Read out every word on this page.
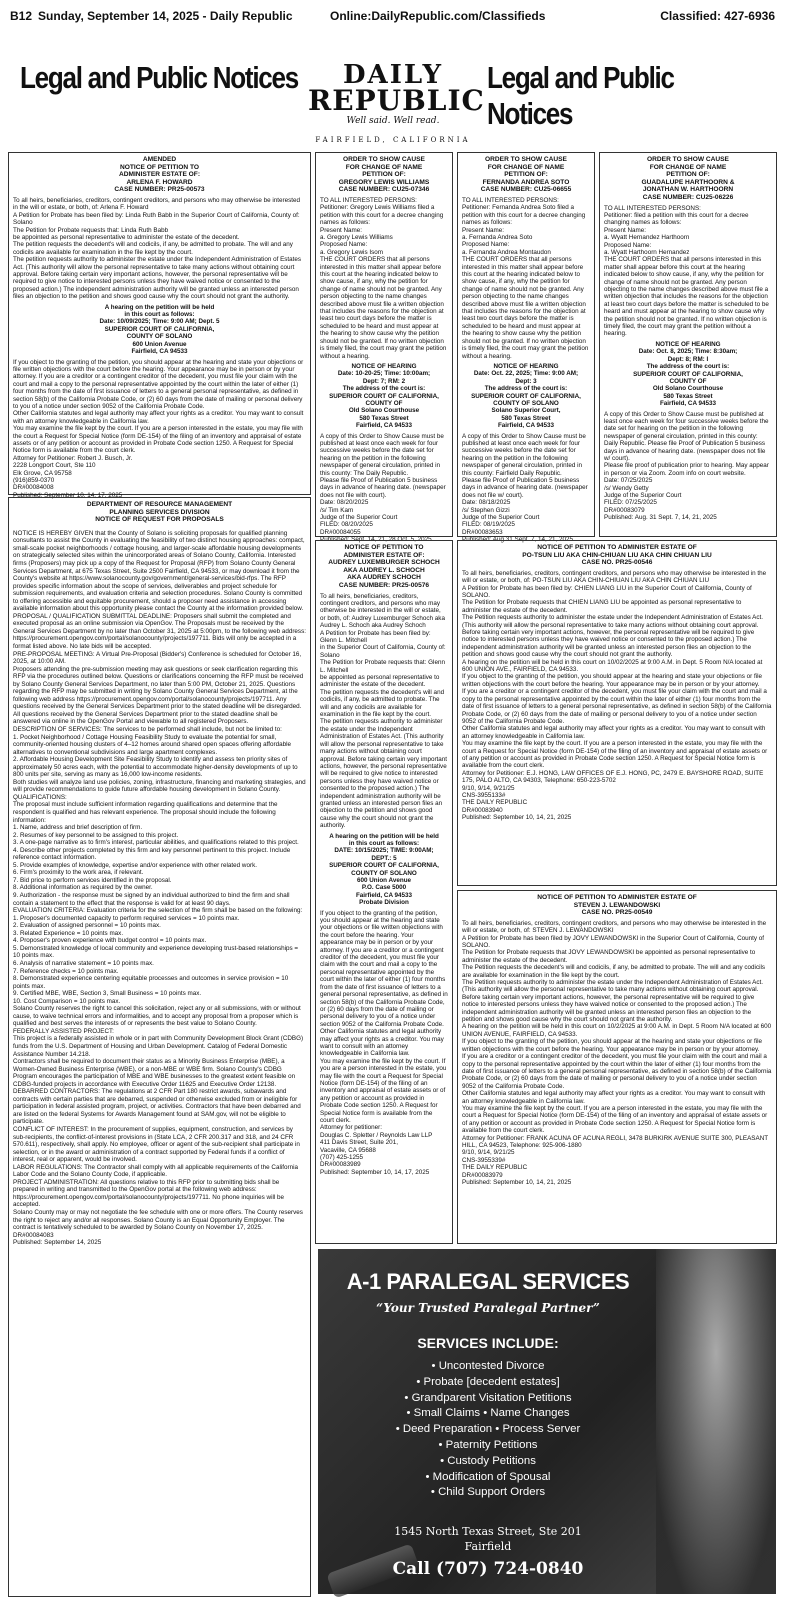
B12 Sunday, September 14, 2025 - Daily Republic	Online:DailyRepublic.com/Classifieds	Classified: 427-6936
Legal and Public Notices	Legal and Public Notices
DAILY
REPUBLIC
Well said. Well read.
FAIRFIELD, CALIFORNIA

AMENDED
NOTICE OF PETITION TO
ADMINISTER ESTATE OF:
ARLENA F. HOWARD
CASE NUMBER: PR25-00573

To all heirs, beneficiaries, creditors, contingent creditors, and persons who may otherwise be interested in the will or estate, or both, of: Arlena F. Howard
A Petition for Probate has been filed by: Linda Ruth Babb in the Superior Court of California, County of: Solano
The Petition for Probate requests that: Linda Ruth Babb
be appointed as personal representative to administer the estate of the decedent.
The petition requests the decedent's will and codicils, if any, be admitted to probate. The will and any codicils are available for examination in the file kept by the court.
The petition requests authority to administer the estate under the Independent Administration of Estates Act. (This authority will allow the personal representative to take many actions without obtaining court approval. Before taking certain very important actions, however, the personal representative will be required to give notice to interested persons unless they have waived notice or consented to the proposed action.) The independent administration authority will be granted unless an interested person files an objection to the petition and shows good cause why the court should not grant the authority.

A hearing on the petition will be held
in this court as follows:
Date: 10/09/2025; Time: 9:00 AM; Dept. 5
SUPERIOR COURT OF CALIFORNIA,
COUNTY OF SOLANO
600 Union Avenue
Fairfield, CA 94533

If you object to the granting of the petition, you should appear at the hearing and state your objections or file written objections with the court before the hearing. Your appearance may be in person or by your attorney. If you are a creditor or a contingent creditor of the decedent, you must file your claim with the court and mail a copy to the personal representative appointed by the court within the later of either (1) four months from the date of first issuance of letters to a general personal representative, as defined in section 58(b) of the California Probate Code, or (2) 60 days from the date of mailing or personal delivery to you of a notice under section 9052 of the California Probate Code.
Other California statutes and legal authority may affect your rights as a creditor. You may want to consult with an attorney knowledgeable in California law.
You may examine the file kept by the court. If you are a person interested in the estate, you may file with the court a Request for Special Notice (form DE-154) of the filing of an inventory and appraisal of estate assets or of any petition or account as provided in Probate Code section 1250. A Request for Special Notice form is available from the court clerk.
Attorney for Petitioner: Robert J. Busch, Jr.
2228 Longport Court, Ste 110
Elk Grove, CA 95758
(916)859-0370
DR#00084008
Published: September 10, 14, 17, 2025

DEPARTMENT OF RESOURCE MANAGEMENT
PLANNING SERVICES DIVISION
NOTICE OF REQUEST FOR PROPOSALS

NOTICE IS HEREBY GIVEN that the County of Solano is soliciting proposals for qualified planning consultants to assist the County in evaluating the feasibility of two distinct housing approaches: compact, small-scale pocket neighborhoods / cottage housing, and larger-scale affordable housing developments on strategically selected sites within the unincorporated areas of Solano County, California. Interested firms (Proposers) may pick up a copy of the Request for Proposal (RFP) from Solano County General Services Department, at 675 Texas Street, Suite 2500 Fairfield, CA 94533, or may download it from the County's website at https://www.solanocounty.gov/government/general-services/bid-rfps. The RFP provides specific information about the scope of services, deliverables and project schedule for submission requirements, and evaluation criteria and selection procedures. Solano County is committed to offering accessible and equitable procurement, should a proposer need assistance in accessing available information about this opportunity please contact the County at the information provided below.
PROPOSAL / QUALIFICATION SUBMITTAL DEADLINE: Proposers shall submit the completed and executed proposal as an online submission via OpenGov. The Proposals must be received by the General Services Department by no later than October 31, 2025 at 5:00pm, to the following web address: https://procurement.opengov.com/portal/solanocounty/projects/197711. Bids will only be accepted in a format listed above. No late bids will be accepted.
PRE-PROPOSAL MEETING: A Virtual Pre-Proposal (Bidder's) Conference is scheduled for October 16, 2025, at 10:00 AM.
Proposers attending the pre-submission meeting may ask questions or seek clarification regarding this RFP via the procedures outlined below. Questions or clarifications concerning the RFP must be received by Solano County General Services Department, no later than 5:00 PM, October 21, 2025. Questions regarding the RFP may be submitted in writing by Solano County General Services Department, at the following web address https://procurement.opengov.com/portal/solanocounty/projects/197711. Any questions received by the General Services Department prior to the stated deadline will be disregarded. All questions received by the General Services Department prior to the stated deadline shall be answered via online in the OpenGov Portal and viewable to all registered Proposers.
DESCRIPTION OF SERVICES: The services to be performed shall include, but not be limited to:
1. Pocket Neighborhood / Cottage Housing Feasibility Study to evaluate the potential for small, community-oriented housing clusters of 4–12 homes around shared open spaces offering affordable alternatives to conventional subdivisions and large apartment complexes.
2. Affordable Housing Development Site Feasibility Study to identify and assess ten priority sites of approximately 50 acres each, with the potential to accommodate higher-density developments of up to 800 units per site, serving as many as 16,000 low-income residents.
Both studies will analyze land use policies, zoning, infrastructure, financing and marketing strategies, and will provide recommendations to guide future affordable housing development in Solano County.
QUALIFICATIONS:
The proposal must include sufficient information regarding qualifications and determine that the respondent is qualified and has relevant experience. The proposal should include the following information:
1. Name, address and brief description of firm.
2. Resumes of key personnel to be assigned to this project.
3. A one-page narrative as to firm's interest, particular abilities, and qualifications related to this project.
4. Describe other projects completed by this firm and key personnel pertinent to this project. Include reference contact information.
5. Provide examples of knowledge, expertise and/or experience with other related work.
6. Firm's proximity to the work area, if relevant.
7. Bid price to perform services identified in the proposal.
8. Additional information as required by the owner.
9. Authorization - the response must be signed by an individual authorized to bind the firm and shall contain a statement to the effect that the response is valid for at least 90 days.
EVALUATION CRITERIA: Evaluation criteria for the selection of the firm shall be based on the following:
1. Proposer's documented capacity to perform required services = 10 points max.
2. Evaluation of assigned personnel = 10 points max.
3. Related Experience = 10 points max.
4. Proposer's proven experience with budget control = 10 points max.
5. Demonstrated knowledge of local community and experience developing trust-based relationships = 10 points max.
6. Analysis of narrative statement = 10 points max.
7. Reference checks = 10 points max.
8. Demonstrated experience centering equitable processes and outcomes in service provision = 10 points max.
9. Certified MBE, WBE, Section 3, Small Business = 10 points max.
10. Cost Comparison = 10 points max.
Solano County reserves the right to cancel this solicitation, reject any or all submissions, with or without cause, to waive technical errors and informalities, and to accept any proposal from a proposer which is qualified and best serves the interests of or represents the best value to Solano County.
FEDERALLY ASSISTED PROJECT:
This project is a federally assisted in whole or in part with Community Development Block Grant (CDBG) funds from the U.S. Department of Housing and Urban Development. Catalog of Federal Domestic Assistance Number 14.218.
Contractors shall be required to document their status as a Minority Business Enterprise (MBE), a Women-Owned Business Enterprise (WBE), or a non-MBE or WBE firm. Solano County's CDBG Program encourages the participation of MBE and WBE businesses to the greatest extent feasible on CDBG-funded projects in accordance with Executive Order 11625 and Executive Order 12138.
DEBARRED CONTRACTORS: The regulations at 2 CFR Part 180 restrict awards, subawards and contracts with certain parties that are debarred, suspended or otherwise excluded from or ineligible for participation in federal assisted program, project, or activities. Contractors that have been debarred and are listed on the federal Systems for Awards Management found at SAM.gov, will not be eligible to participate.
CONFLICT OF INTEREST: In the procurement of supplies, equipment, construction, and services by sub-recipients, the conflict-of-interest provisions in (State LCA, 2 CFR 200.317 and 318, and 24 CFR 570.611), respectively, shall apply. No employee, officer or agent of the sub-recipient shall participate in selection, or in the award or administration of a contract supported by Federal funds if a conflict of interest, real or apparent, would be involved.
LABOR REGULATIONS: The Contractor shall comply with all applicable requirements of the California Labor Code and the Solano County Code, if applicable.
PROJECT ADMINISTRATION: All questions relative to this RFP prior to submitting bids shall be prepared in writing and transmitted to the OpenGov portal at the following web address: https://procurement.opengov.com/portal/solanocounty/projects/197711. No phone inquiries will be accepted.
Solano County may or may not negotiate the fee schedule with one or more offers. The County reserves the right to reject any and/or all responses. Solano County is an Equal Opportunity Employer. The contract is tentatively scheduled to be awarded by Solano County on November 17, 2025.
DR#00084083
Published: September 14, 2025

ORDER TO SHOW CAUSE
FOR CHANGE OF NAME
PETITION OF:
GREGORY LEWIS WILLIAMS
CASE NUMBER: CU25-07346

TO ALL INTERESTED PERSONS:
Petitioner: Gregory Lewis Williams filed a petition with this court for a decree changing names as follows:
Present Name:
a. Gregory Lewis Williams
Proposed Name:
a. Gregory Lewis Isom
THE COURT ORDERS that all persons interested in this matter shall appear before this court at the hearing indicated below to show cause, if any, why the petition for change of name should not be granted. Any person objecting to the name changes described above must file a written objection that includes the reasons for the objection at least two court days before the matter is scheduled to be heard and must appear at the hearing to show cause why the petition should not be granted. If no written objection is timely filed, the court may grant the petition without a hearing.

NOTICE OF HEARING
Date: 10-20-25; Time: 10:00am;
Dept: 7; RM: 2
The address of the court is:
SUPERIOR COURT OF CALIFORNIA,
COUNTY OF
Old Solano Courthouse
580 Texas Street
Fairfield, CA 94533

A copy of this Order to Show Cause must be published at least once each week for four successive weeks before the date set for hearing on the petition in the following newspaper of general circulation, printed in this county: The Daily Republic.
Please file Proof of Publication 5 business days in advance of hearing date. (newspaper does not file with court).
Date: 08/20/2025
/s/ Tim Kam
Judge of the Superior Court
FILED: 08/20/2025
DR#00084055
Published: Sept. 14, 21, 28 Oct. 5, 2025

NOTICE OF PETITION TO
ADMINISTER ESTATE OF:
AUDREY LUXEMBURGER SCHOCH
AKA AUDREY L. SCHOCH
AKA AUDREY SCHOCH
CASE NUMBER: PR25-00576

To all heirs, beneficiaries, creditors, contingent creditors, and persons who may otherwise be interested in the will or estate, or both, of: Audrey Luxemburger Schoch aka Audrey L. Schoch aka Audrey Schoch
A Petition for Probate has been filed by: Glenn L. Mitchell
in the Superior Court of California, County of: Solano
The Petition for Probate requests that: Glenn L. Mitchell
be appointed as personal representative to administer the estate of the decedent.
The petition requests the decedent's will and codicils, if any, be admitted to probate. The will and any codicils are available for examination in the file kept by the court.
The petition requests authority to administer the estate under the Independent Administration of Estates Act. (This authority will allow the personal representative to take many actions without obtaining court approval. Before taking certain very important actions, however, the personal representative will be required to give notice to interested persons unless they have waived notice or consented to the proposed action.) The independent administration authority will be granted unless an interested person files an objection to the petition and shows good cause why the court should not grant the authority.

A hearing on the petition will be held
in this court as follows:
DATE: 10/15/2025; TIME: 9:00AM;
DEPT.: 5
SUPERIOR COURT OF CALIFORNIA,
COUNTY OF SOLANO
600 Union Avenue
P.O. Case 5000
Fairfield, CA 94533
Probate Division

If you object to the granting of the petition, you should appear at the hearing and state your objections or file written objections with the court before the hearing. Your appearance may be in person or by your attorney. If you are a creditor or a contingent creditor of the decedent, you must file your claim with the court and mail a copy to the personal representative appointed by the court within the later of either (1) four months from the date of first issuance of letters to a general personal representative, as defined in section 58(b) of the California Probate Code, or (2) 60 days from the date of mailing or personal delivery to you of a notice under section 9052 of the California Probate Code. Other California statutes and legal authority may affect your rights as a creditor. You may want to consult with an attorney knowledgeable in California law.
You may examine the file kept by the court. If you are a person interested in the estate, you may file with the court a Request for Special Notice (form DE-154) of the filing of an inventory and appraisal of estate assets or of any petition or account as provided in Probate Code section 1250. A Request for Special Notice form is available from the court clerk.
Attorney for petitioner:
Douglas C. Spletter / Reynolds Law LLP
411 Davis Street, Suite 201,
Vacaville, CA 95688
(707) 425-1255
DR#00083989
Published: September 10, 14, 17, 2025

ORDER TO SHOW CAUSE
FOR CHANGE OF NAME
PETITION OF:
FERNANDA ANDREA SOTO
CASE NUMBER: CU25-06655

TO ALL INTERESTED PERSONS:
Petitioner: Fernanda Andrea Soto filed a petition with this court for a decree changing names as follows:
Present Name:
a. Fernanda Andrea Soto
Proposed Name:
a. Fernanda Andrea Montaudon
THE COURT ORDERS that all persons interested in this matter shall appear before this court at the hearing indicated below to show cause, if any, why the petition for change of name should not be granted. Any person objecting to the name changes described above must file a written objection that includes the reasons for the objection at least two court days before the matter is scheduled to be heard and must appear at the hearing to show cause why the petition should not be granted. If no written objection is timely filed, the court may grant the petition without a hearing.

NOTICE OF HEARING
Date: Oct. 22, 2025; Time: 9:00 AM;
Dept: 3
The address of the court is:
SUPERIOR COURT OF CALIFORNIA,
COUNTY OF SOLANO
Solano Superior Court,
580 Texas Street
Fairfield, CA 94533

A copy of this Order to Show Cause must be published at least once each week for four successive weeks before the date set for hearing on the petition in the following newspaper of general circulation, printed in this county: Fairfield Daily Republic.
Please file Proof of Publication 5 business days in advance of hearing date. (newspaper does not file w/ court).
Date: 08/18/2025
/s/ Stephen Gizzi
Judge of the Superior Court
FILED: 08/19/2025
DR#00083653
Published: Aug.31 Sept. 7, 14, 21, 2025

ORDER TO SHOW CAUSE
FOR CHANGE OF NAME
PETITION OF:
GUADALUPE HARTHOORN &
JONATHAN W. HARTHOORN
CASE NUMBER: CU25-06226

TO ALL INTERESTED PERSONS:
Petitioner: filed a petition with this court for a decree changing names as follows:
Present Name:
a. Wyatt Hernandez Harthoorn
Proposed Name:
a. Wyatt Harthoorn Hernandez
THE COURT ORDERS that all persons interested in this matter shall appear before this court at the hearing indicated below to show cause, if any, why the petition for change of name should not be granted. Any person objecting to the name changes described above must file a written objection that includes the reasons for the objection at least two court days before the matter is scheduled to be heard and must appear at the hearing to show cause why the petition should not be granted. If no written objection is timely filed, the court may grant the petition without a hearing.

NOTICE OF HEARING
Date: Oct. 8, 2025; Time: 8:30am;
Dept: 8; RM: I
The address of the court is:
SUPERIOR COURT OF CALIFORNIA,
COUNTY OF
Old Solano Courthouse
580 Texas Street
Fairfield, CA 94533

A copy of this Order to Show Cause must be published at least once each week for four successive weeks before the date set for hearing on the petition in the following newspaper of general circulation, printed in this county: Daily Republic. Please file Proof of Publication 5 business days in advance of hearing date. (newspaper does not file w/ court).
Please file proof of publication prior to hearing. May appear in person or via Zoom. Zoom info on court website.
Date: 07/25/2025
/s/ Wendy Getty
Judge of the Superior Court
FILED: 07/25/2025
DR#00083079
Published: Aug. 31 Sept. 7, 14, 21, 2025

NOTICE OF PETITION TO ADMINISTER ESTATE OF
PO-TSUN LIU AKA CHIN-CHIUAN LIU AKA CHIN CHIUAN LIU
CASE NO. PR25-00546

To all heirs, beneficiaries, creditors, contingent creditors, and persons who may otherwise be interested in the will or estate, or both, of: PO-TSUN LIU AKA CHIN-CHIUAN LIU AKA CHIN CHIUAN LIU
A Petition for Probate has been filed by: CHIEN LIANG LIU in the Superior Court of California, County of SOLANO.
The Petition for Probate requests that CHIEN LIANG LIU be appointed as personal representative to administer the estate of the decedent.
The Petition requests authority to administer the estate under the Independent Administration of Estates Act. (This authority will allow the personal representative to take many actions without obtaining court approval. Before taking certain very important actions, however, the personal representative will be required to give notice to interested persons unless they have waived notice or consented to the proposed action.) The independent administration authority will be granted unless an interested person files an objection to the petition and shows good cause why the court should not grant the authority.
A hearing on the petition will be held in this court on 10/02/2025 at 9:00 A.M. in Dept. 5 Room N/A located at 600 UNION AVE., FAIRFIELD, CA 94533.
If you object to the granting of the petition, you should appear at the hearing and state your objections or file written objections with the court before the hearing. Your appearance may be in person or by your attorney.
If you are a creditor or a contingent creditor of the decedent, you must file your claim with the court and mail a copy to the personal representative appointed by the court within the later of either (1) four months from the date of first issuance of letters to a general personal representative, as defined in section 58(b) of the California Probate Code, or (2) 60 days from the date of mailing or personal delivery to you of a notice under section 9052 of the California Probate Code.
Other California statutes and legal authority may affect your rights as a creditor. You may want to consult with an attorney knowledgeable in California law.
You may examine the file kept by the court. If you are a person interested in the estate, you may file with the court a Request for Special Notice (form DE-154) of the filing of an inventory and appraisal of estate assets or of any petition or account as provided in Probate Code section 1250. A Request for Special Notice form is available from the court clerk.
Attorney for Petitioner: E.J. HONG, LAW OFFICES OF E.J. HONG, PC, 2479 E. BAYSHORE ROAD, SUITE 175, PALO ALTO, CA 94303, Telephone: 650-223-5702
9/10, 9/14, 9/21/25
CNS-3955133#
THE DAILY REPUBLIC
DR#00083940
Published: September 10, 14, 21, 2025

NOTICE OF PETITION TO ADMINISTER ESTATE OF
STEVEN J. LEWANDOWSKI
CASE NO. PR25-00549

To all heirs, beneficiaries, creditors, contingent creditors, and persons who may otherwise be interested in the will or estate, or both, of: STEVEN J. LEWANDOWSKI
A Petition for Probate has been filed by JOVY LEWANDOWSKI in the Superior Court of California, County of SOLANO.
The Petition for Probate requests that JOVY LEWANDOWSKI be appointed as personal representative to administer the estate of the decedent.
The Petition requests the decedent's will and codicils, if any, be admitted to probate. The will and any codicils are available for examination in the file kept by the court.
The Petition requests authority to administer the estate under the Independent Administration of Estates Act. (This authority will allow the personal representative to take many actions without obtaining court approval. Before taking certain very important actions, however, the personal representative will be required to give notice to interested persons unless they have waived notice or consented to the proposed action.) The independent administration authority will be granted unless an interested person files an objection to the petition and shows good cause why the court should not grant the authority.
A hearing on the petition will be held in this court on 10/2/2025 at 9:00 A.M. in Dept. 5 Room N/A located at 600 UNION AVENUE, FAIRFIELD, CA 94533.
If you object to the granting of the petition, you should appear at the hearing and state your objections or file written objections with the court before the hearing. Your appearance may be in person or by your attorney.
If you are a creditor or a contingent creditor of the decedent, you must file your claim with the court and mail a copy to the personal representative appointed by the court within the later of either (1) four months from the date of first issuance of letters to a general personal representative, as defined in section 58(b) of the California Probate Code, or (2) 60 days from the date of mailing or personal delivery to you of a notice under section 9052 of the California Probate Code.
Other California statutes and legal authority may affect your rights as a creditor. You may want to consult with an attorney knowledgeable in California law.
You may examine the file kept by the court. If you are a person interested in the estate, you may file with the court a Request for Special Notice (form DE-154) of the filing of an inventory and appraisal of estate assets or of any petition or account as provided in Probate Code section 1250. A Request for Special Notice form is available from the court clerk.
Attorney for Petitioner: FRANK ACUNA OF ACUNA REGLI, 3478 BURKIRK AVENUE SUITE 300, PLEASANT HILL, CA 94523, Telephone: 925-906-1880
9/10, 9/14, 9/21/25
CNS-3955339#
THE DAILY REPUBLIC
DR#00083979
Published: September 10, 14, 21, 2025

A-1 PARALEGAL SERVICES
“Your Trusted Paralegal Partner”
SERVICES INCLUDE:
• Uncontested Divorce
• Probate [decedent estates]
• Grandparent Visitation Petitions
• Small Claims • Name Changes
• Deed Preparation • Process Server
• Paternity Petitions
• Custody Petitions
• Modification of Spousal
• Child Support Orders
1545 North Texas Street, Ste 201
Fairfield
Call (707) 724-0840
